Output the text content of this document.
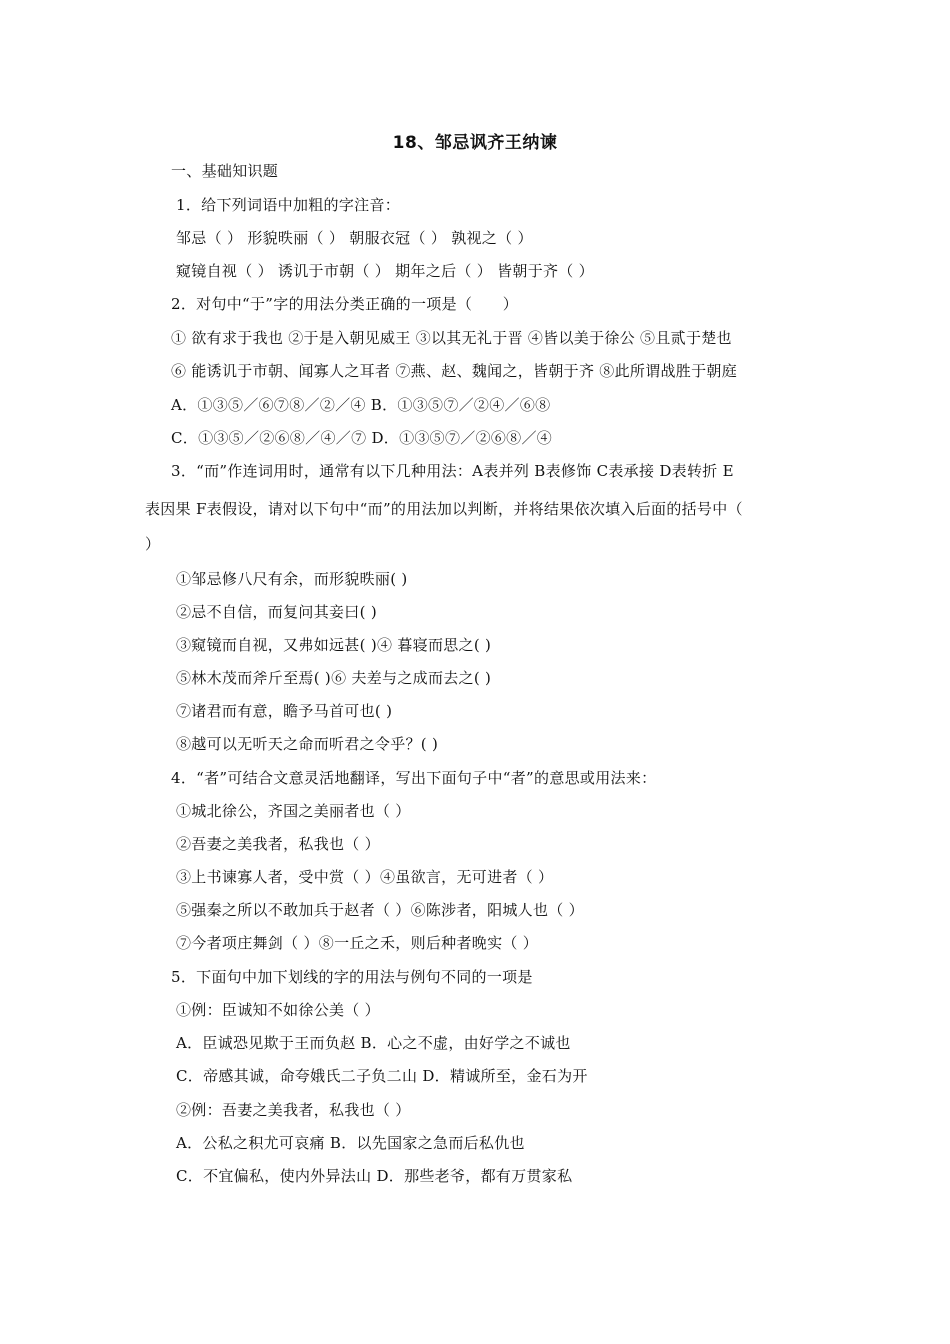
18、邹忌讽齐王纳谏
一、基础知识题
1．给下列词语中加粗的字注音：
邹忌（ ） 形貌昳丽（ ） 朝服衣冠（ ） 孰视之（ ）
窥镜自视（ ） 诱讥于市朝（ ） 期年之后（ ） 皆朝于齐（ ）
2．对句中“于”字的用法分类正确的一项是（　　）
① 欲有求于我也 ②于是入朝见威王 ③以其无礼于晋 ④皆以美于徐公 ⑤且贰于楚也
⑥ 能诱讥于市朝、闻寡人之耳者 ⑦燕、赵、魏闻之，皆朝于齐 ⑧此所谓战胜于朝庭
A．①③⑤／⑥⑦⑧／②／④ B．①③⑤⑦／②④／⑥⑧
C．①③⑤／②⑥⑧／④／⑦ D．①③⑤⑦／②⑥⑧／④
3．“而”作连词用时，通常有以下几种用法：A表并列 B表修饰 C表承接 D表转折 E
表因果 F表假设，请对以下句中“而”的用法加以判断，并将结果依次填入后面的括号中（
）
①邹忌修八尺有余，而形貌昳丽( )
②忌不自信，而复问其妾曰( )
③窥镜而自视，又弗如远甚( )④ 暮寝而思之( )
⑤林木茂而斧斤至焉( )⑥ 夫差与之成而去之( )
⑦诸君而有意，瞻予马首可也( )
⑧越可以无听天之命而听君之令乎？( )
4．“者”可结合文意灵活地翻译，写出下面句子中“者”的意思或用法来：
①城北徐公，齐国之美丽者也（ ）
②吾妻之美我者，私我也（ ）
③上书谏寡人者，受中赏（ ）④虽欲言，无可进者（ ）
⑤强秦之所以不敢加兵于赵者（ ）⑥陈涉者，阳城人也（ ）
⑦今者项庄舞剑（ ）⑧一丘之禾，则后种者晚实（ ）
5．下面句中加下划线的字的用法与例句不同的一项是
①例：臣诚知不如徐公美（ ）
A．臣诚恐见欺于王而负赵 B．心之不虚，由好学之不诚也
C．帝感其诚，命夸娥氏二子负二山 D．精诚所至，金石为开
②例：吾妻之美我者，私我也（ ）
A．公私之积尤可哀痛 B．以先国家之急而后私仇也
C．不宜偏私，使内外异法山 D．那些老爷，都有万贯家私
